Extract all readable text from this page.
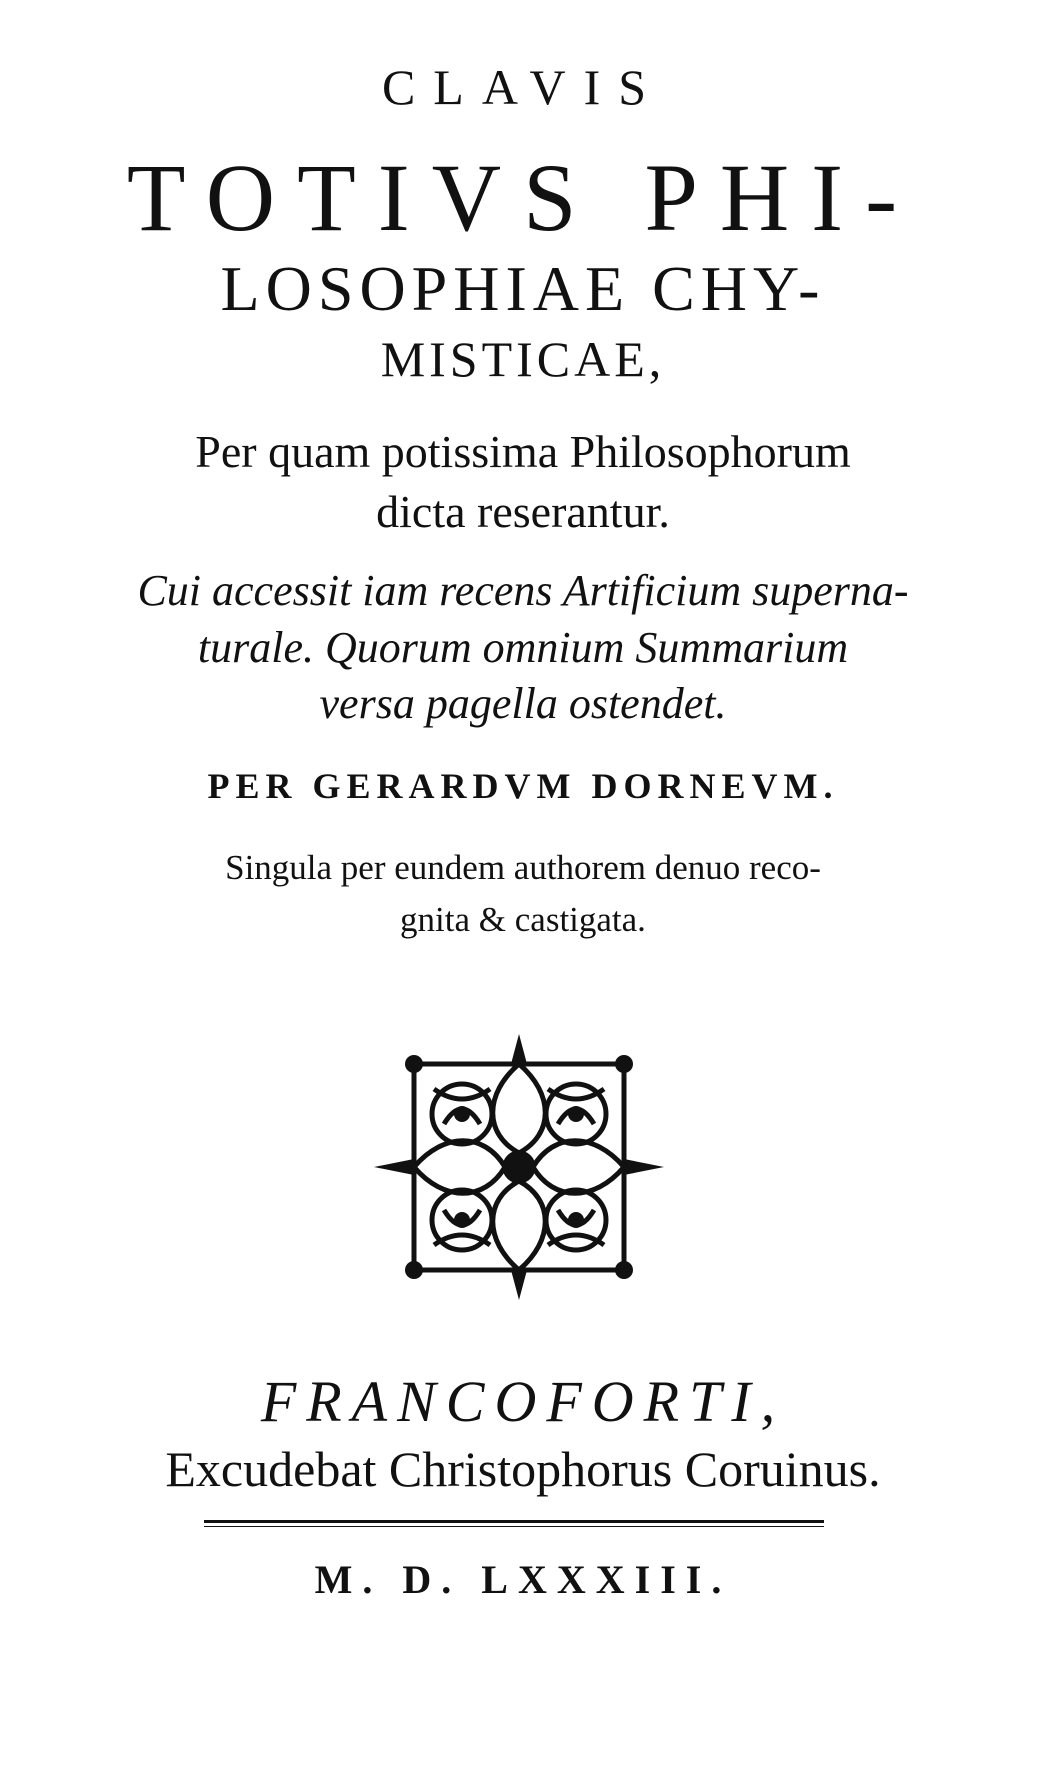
CLAVIS
TOTIVS PHI-
LOSOPHIAE CHY-
MISTICAE,
Per quam potissima Philosophorum
dicta reserantur.
Cui accessit iam recens Artificium superna-
turale. Quorum omnium Summarium
versa pagella ostendet.
PER GERARDVM DORNEVM.
Singula per eundem authorem denuo reco-
gnita & castigata.
FRANCOFORTI,
Excudebat Christophorus Coruinus.
M. D. LXXXIII.
